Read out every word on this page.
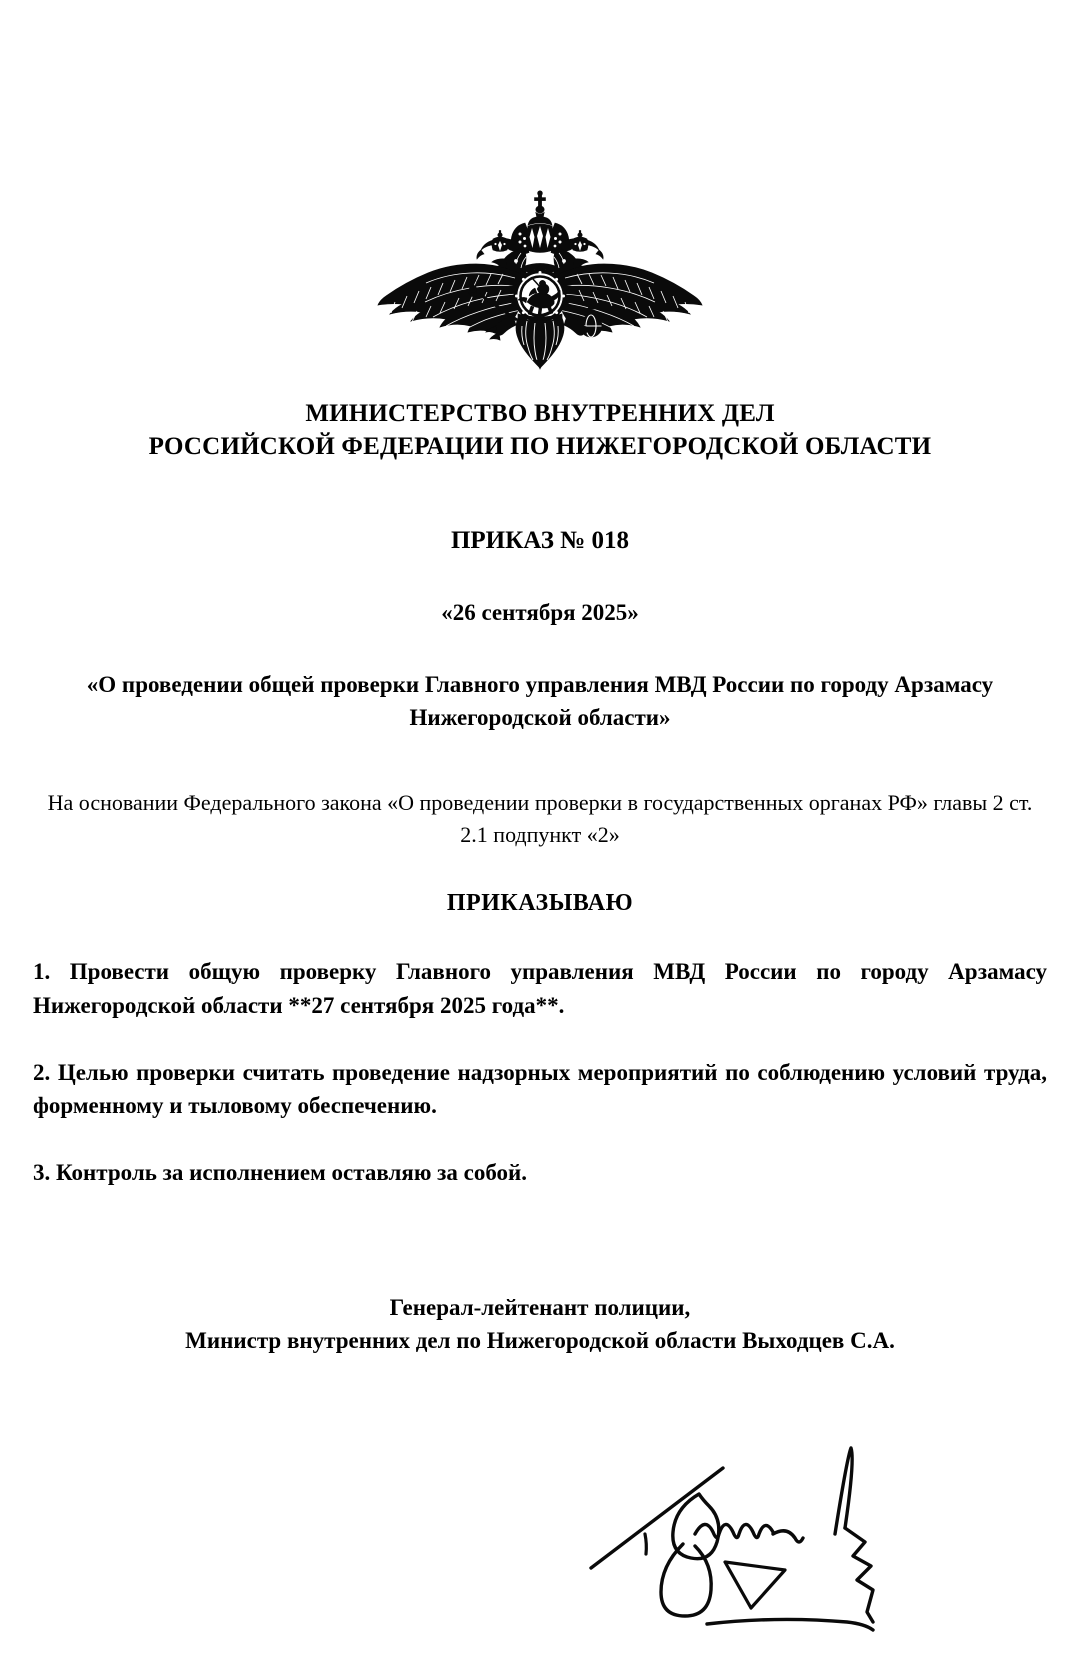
МИНИСТЕРСТВО ВНУТРЕННИХ ДЕЛ
РОССИЙСКОЙ ФЕДЕРАЦИИ ПО НИЖЕГОРОДСКОЙ ОБЛАСТИ
ПРИКАЗ № 018
«26 сентября 2025»
«О проведении общей проверки Главного управления МВД России по городу Арзамасу Нижегородской области»
На основании Федерального закона «О проведении проверки в государственных органах РФ» главы 2 ст. 2.1 подпункт «2»
ПРИКАЗЫВАЮ

1. Провести общую проверку Главного управления МВД России по городу Арзамасу Нижегородской области **27 сентября 2025 года**.

2. Целью проверки считать проведение надзорных мероприятий по соблюдению условий труда, форменному и тыловому обеспечению.

3. Контроль за исполнением оставляю за собой.

Генерал-лейтенант полиции,
Министр внутренних дел по Нижегородской области Выходцев С.А.
